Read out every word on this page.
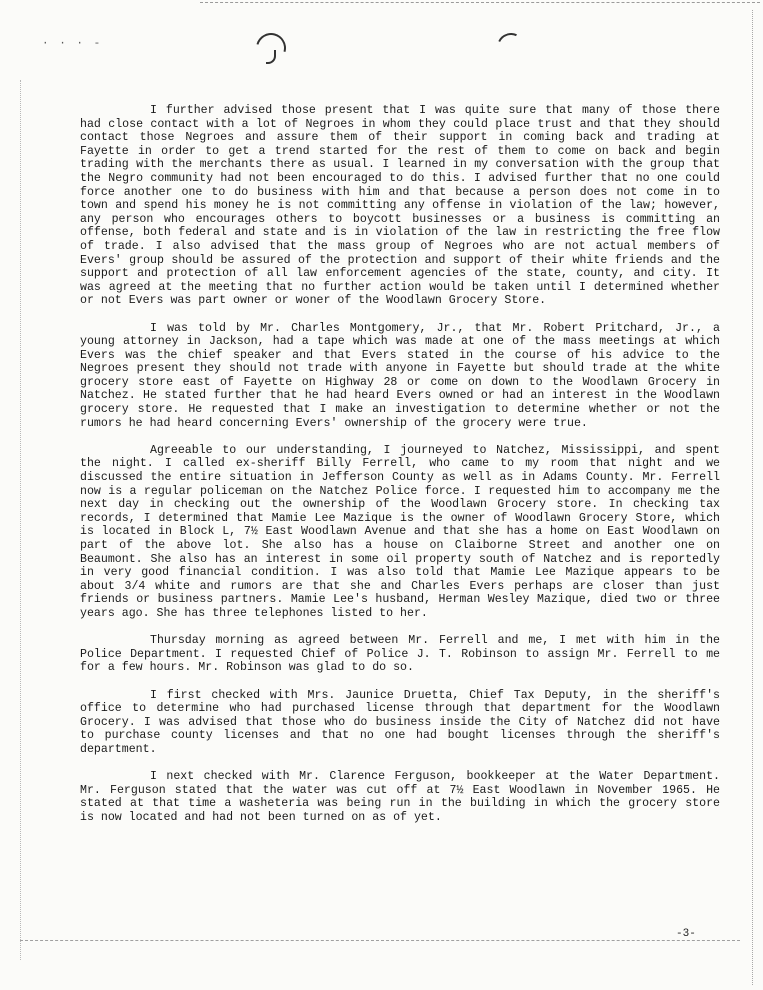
· · · -

I further advised those present that I was quite sure that many of those there had close contact with a lot of Negroes in whom they could place trust and that they should contact those Negroes and assure them of their support in coming back and trading at Fayette in order to get a trend started for the rest of them to come on back and begin trading with the merchants there as usual. I learned in my conversation with the group that the Negro community had not been encouraged to do this. I advised further that no one could force another one to do business with him and that because a person does not come in to town and spend his money he is not committing any offense in violation of the law; however, any person who encourages others to boycott businesses or a business is committing an offense, both federal and state and is in violation of the law in restricting the free flow of trade. I also advised that the mass group of Negroes who are not actual members of Evers' group should be assured of the protection and support of their white friends and the support and protection of all law enforcement agencies of the state, county, and city. It was agreed at the meeting that no further action would be taken until I determined whether or not Evers was part owner or woner of the Woodlawn Grocery Store.

I was told by Mr. Charles Montgomery, Jr., that Mr. Robert Pritchard, Jr., a young attorney in Jackson, had a tape which was made at one of the mass meetings at which Evers was the chief speaker and that Evers stated in the course of his advice to the Negroes present they should not trade with anyone in Fayette but should trade at the white grocery store east of Fayette on Highway 28 or come on down to the Woodlawn Grocery in Natchez. He stated further that he had heard Evers owned or had an interest in the Woodlawn grocery store. He requested that I make an investigation to determine whether or not the rumors he had heard concerning Evers' ownership of the grocery were true.

Agreeable to our understanding, I journeyed to Natchez, Mississippi, and spent the night. I called ex-sheriff Billy Ferrell, who came to my room that night and we discussed the entire situation in Jefferson County as well as in Adams County. Mr. Ferrell now is a regular policeman on the Natchez Police force. I requested him to accompany me the next day in checking out the ownership of the Woodlawn Grocery store. In checking tax records, I determined that Mamie Lee Mazique is the owner of Woodlawn Grocery Store, which is located in Block L, 7½ East Woodlawn Avenue and that she has a home on East Woodlawn on part of the above lot. She also has a house on Claiborne Street and another one on Beaumont. She also has an interest in some oil property south of Natchez and is reportedly in very good financial condition. I was also told that Mamie Lee Mazique appears to be about 3/4 white and rumors are that she and Charles Evers perhaps are closer than just friends or business partners. Mamie Lee's husband, Herman Wesley Mazique, died two or three years ago. She has three telephones listed to her.

Thursday morning as agreed between Mr. Ferrell and me, I met with him in the Police Department. I requested Chief of Police J. T. Robinson to assign Mr. Ferrell to me for a few hours. Mr. Robinson was glad to do so.

I first checked with Mrs. Jaunice Druetta, Chief Tax Deputy, in the sheriff's office to determine who had purchased license through that department for the Woodlawn Grocery. I was advised that those who do business inside the City of Natchez did not have to purchase county licenses and that no one had bought licenses through the sheriff's department.

I next checked with Mr. Clarence Ferguson, bookkeeper at the Water Department. Mr. Ferguson stated that the water was cut off at 7½ East Woodlawn in November 1965. He stated at that time a washeteria was being run in the building in which the grocery store is now located and had not been turned on as of yet.

-3-
